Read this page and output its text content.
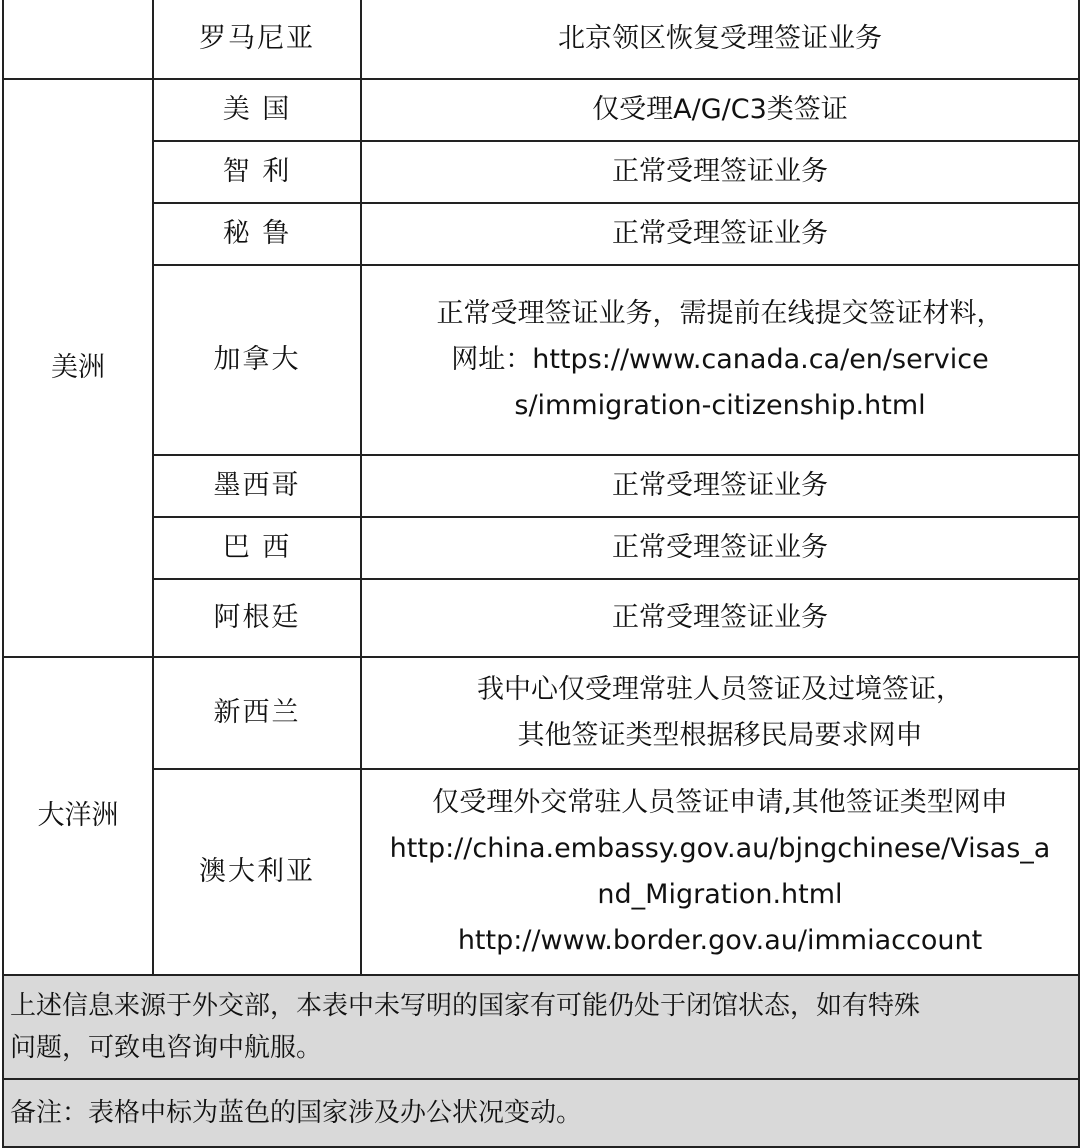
	罗马尼亚	北京领区恢复受理签证业务
美洲	美 国	仅受理A/G/C3类签证
	智 利	正常受理签证业务
	秘 鲁	正常受理签证业务
	加拿大	正常受理签证业务，需提前在线提交签证材料，
网址：https://www.canada.ca/en/service
s/immigration-citizenship.html

	墨西哥	正常受理签证业务
	巴 西	正常受理签证业务
	阿根廷	正常受理签证业务
大洋洲	新西兰	我中心仅受理常驻人员签证及过境签证，
其他签证类型根据移民局要求网申

	澳大利亚	仅受理外交常驻人员签证申请,其他签证类型网申
http://china.embassy.gov.au/bjngchinese/Visas_a
nd_Migration.html
http://www.border.gov.au/immiaccount

上述信息来源于外交部，本表中未写明的国家有可能仍处于闭馆状态，如有特殊
问题，可致电咨询中航服。		

备注：表格中标为蓝色的国家涉及办公状况变动。		
